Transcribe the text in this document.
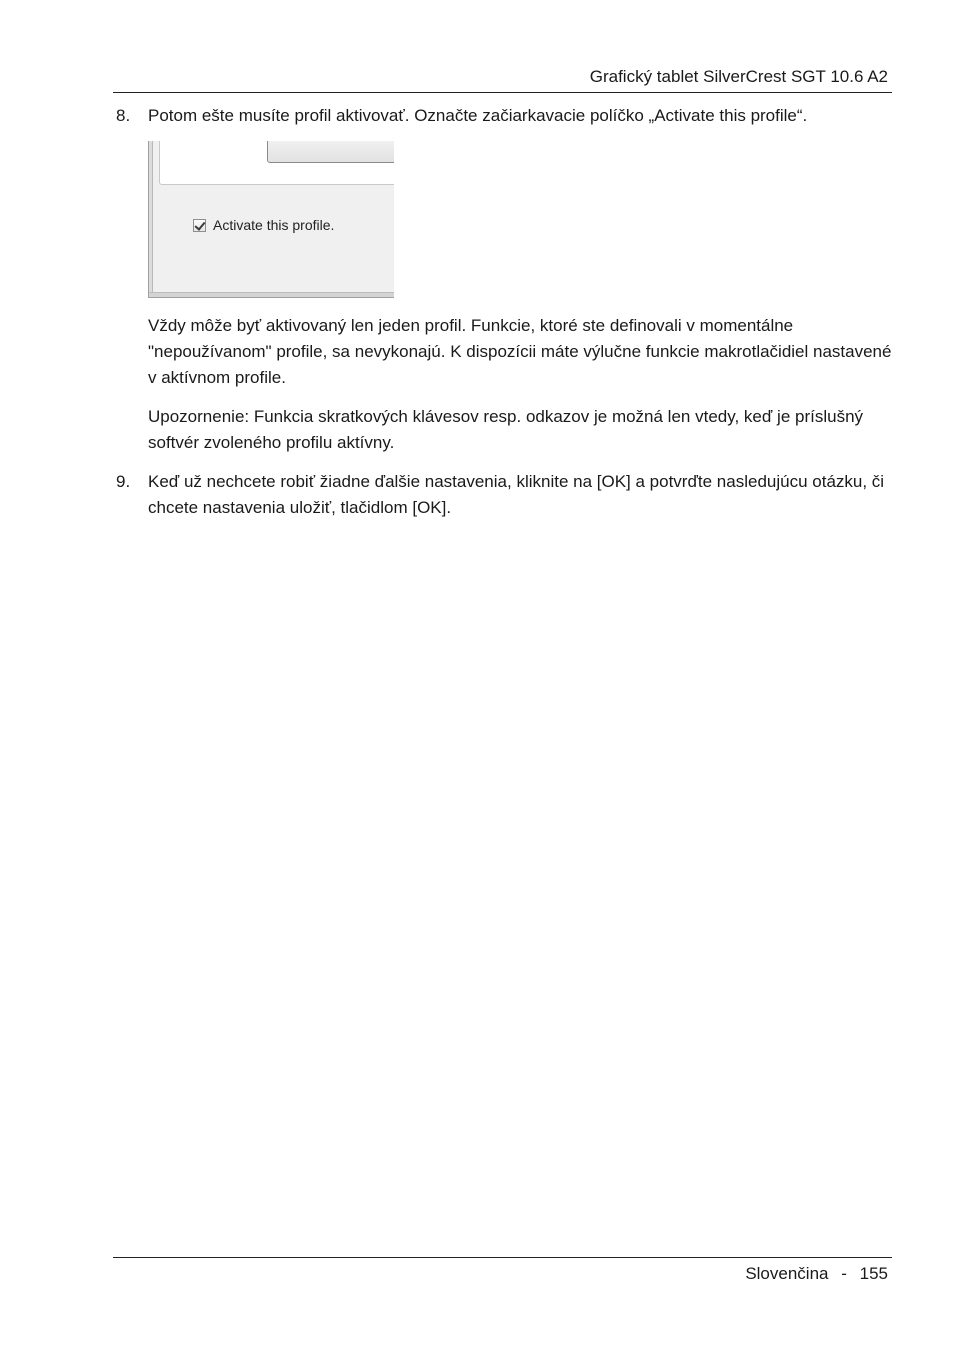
Grafický tablet SilverCrest SGT 10.6 A2
8. Potom ešte musíte profil aktivovať. Označte začiarkavacie políčko „Activate this profile“.

Activate this profile.

Vždy môže byť aktivovaný len jeden profil. Funkcie, ktoré ste definovali v momentálne "nepoužívanom" profile, sa nevykonajú. K dispozícii máte výlučne funkcie makrotlačidiel nastavené v aktívnom profile.

Upozornenie: Funkcia skratkových klávesov resp. odkazov je možná len vtedy, keď je príslušný softvér zvoleného profilu aktívny.

9. Keď už nechcete robiť žiadne ďalšie nastavenia, kliknite na [OK] a potvrďte nasledujúcu otázku, či chcete nastavenia uložiť, tlačidlom [OK].

Slovenčina - 155
